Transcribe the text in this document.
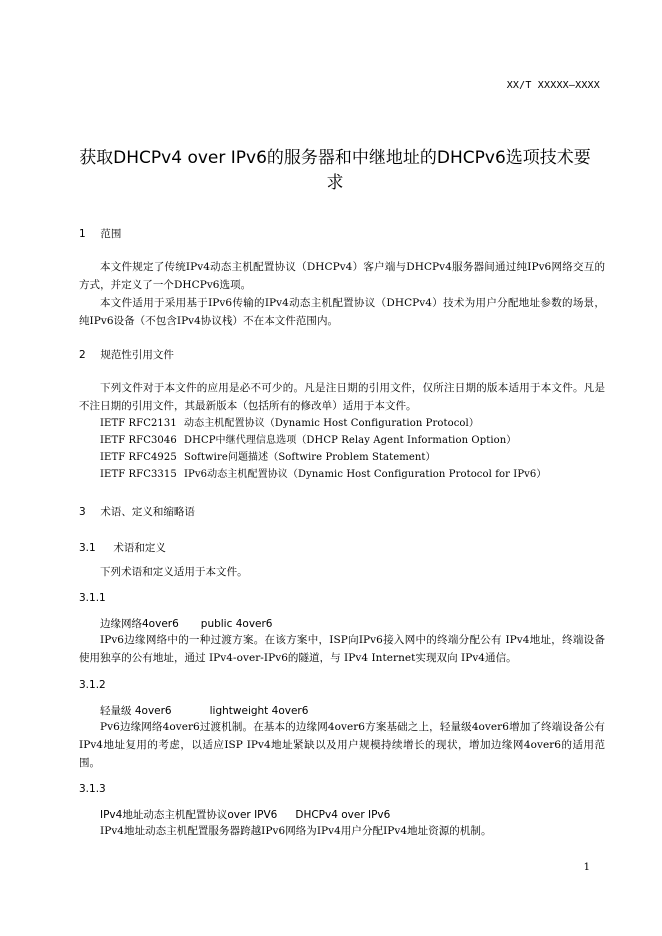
XX/T XXXXX—XXXX
获取DHCPv4 over IPv6的服务器和中继地址的DHCPv6选项技术要
求
1 范围
本文件规定了传统IPv4动态主机配置协议（DHCPv4）客户端与DHCPv4服务器间通过纯IPv6网络交互的方式，并定义了一个DHCPv6选项。
本文件适用于采用基于IPv6传输的IPv4动态主机配置协议（DHCPv4）技术为用户分配地址参数的场景，纯IPv6设备（不包含IPv4协议栈）不在本文件范围内。
2 规范性引用文件
下列文件对于本文件的应用是必不可少的。凡是注日期的引用文件，仅所注日期的版本适用于本文件。凡是不注日期的引用文件，其最新版本（包括所有的修改单）适用于本文件。
IETF RFC2131 动态主机配置协议（Dynamic Host Configuration Protocol）
IETF RFC3046 DHCP中继代理信息选项（DHCP Relay Agent Information Option）
IETF RFC4925 Softwire问题描述（Softwire Problem Statement）
IETF RFC3315 IPv6动态主机配置协议（Dynamic Host Configuration Protocol for IPv6）
3 术语、定义和缩略语
3.1 术语和定义
下列术语和定义适用于本文件。
3.1.1
边缘网络4over6 public 4over6
IPv6边缘网络中的一种过渡方案。在该方案中，ISP向IPv6接入网中的终端分配公有 IPv4地址，终端设备使用独享的公有地址，通过 IPv4-over-IPv6的隧道，与 IPv4 Internet实现双向 IPv4通信。
3.1.2
轻量级 4over6	lightweight 4over6
Pv6边缘网络4over6过渡机制。在基本的边缘网4over6方案基础之上，轻量级4over6增加了终端设备公有IPv4地址复用的考虑，以适应ISP IPv4地址紧缺以及用户规模持续增长的现状，增加边缘网4over6的适用范围。
3.1.3
IPv4地址动态主机配置协议over IPV6 DHCPv4 over IPv6
IPv4地址动态主机配置服务器跨越IPv6网络为IPv4用户分配IPv4地址资源的机制。
1
